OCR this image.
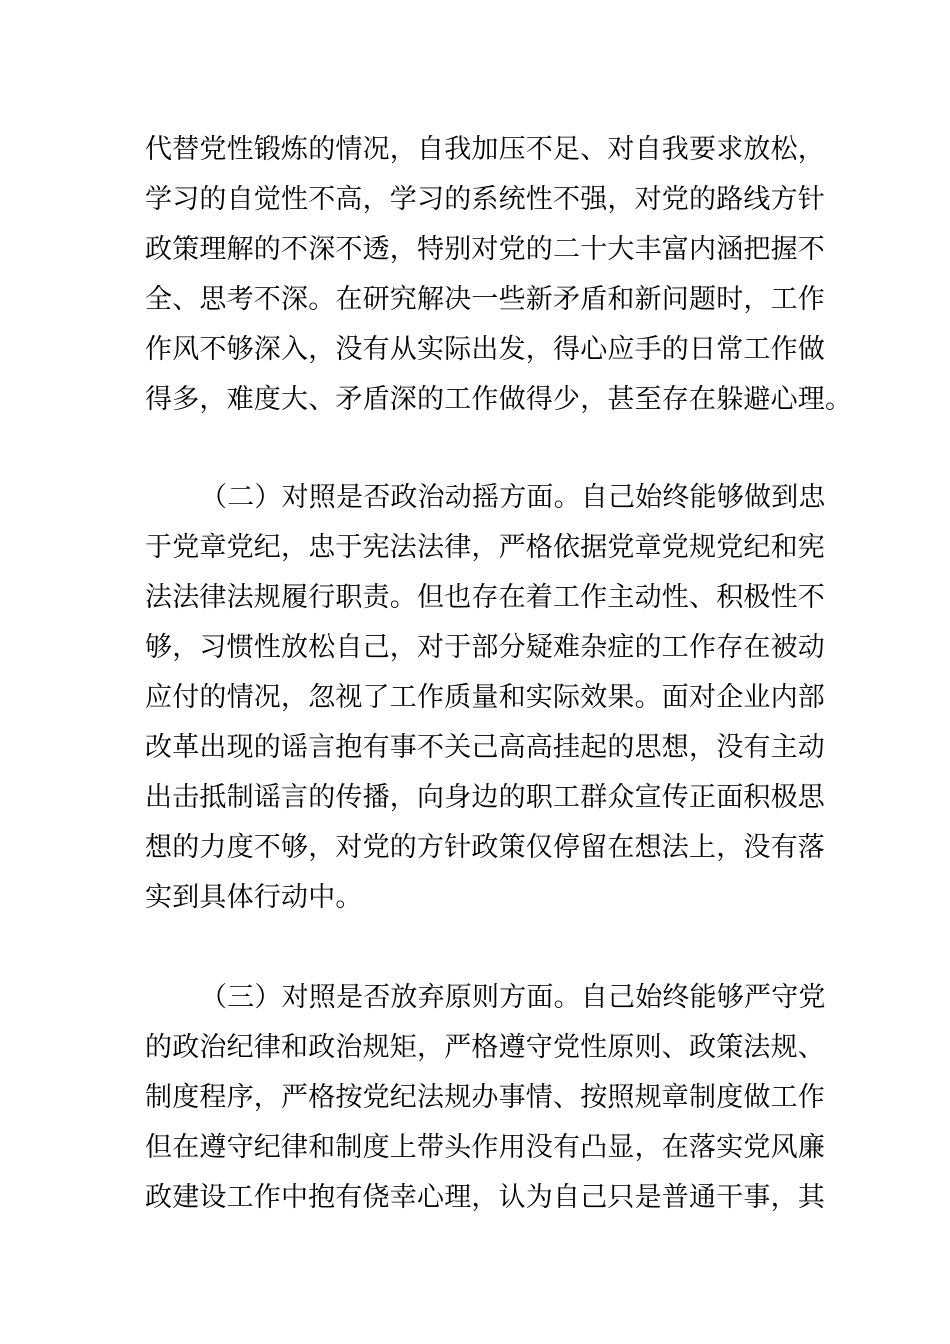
代替党性锻炼的情况，自我加压不足、对自我要求放松，
学习的自觉性不高，学习的系统性不强，对党的路线方针
政策理解的不深不透，特别对党的二十大丰富内涵把握不
全、思考不深。在研究解决一些新矛盾和新问题时，工作
作风不够深入，没有从实际出发，得心应手的日常工作做
得多，难度大、矛盾深的工作做得少，甚至存在躲避心理。
（二）对照是否政治动摇方面。自己始终能够做到忠
于党章党纪，忠于宪法法律，严格依据党章党规党纪和宪
法法律法规履行职责。但也存在着工作主动性、积极性不
够，习惯性放松自己，对于部分疑难杂症的工作存在被动
应付的情况，忽视了工作质量和实际效果。面对企业内部
改革出现的谣言抱有事不关己高高挂起的思想，没有主动
出击抵制谣言的传播，向身边的职工群众宣传正面积极思
想的力度不够，对党的方针政策仅停留在想法上，没有落
实到具体行动中。
（三）对照是否放弃原则方面。自己始终能够严守党
的政治纪律和政治规矩，严格遵守党性原则、政策法规、
制度程序，严格按党纪法规办事情、按照规章制度做工作
但在遵守纪律和制度上带头作用没有凸显，在落实党风廉
政建设工作中抱有侥幸心理，认为自己只是普通干事，其
